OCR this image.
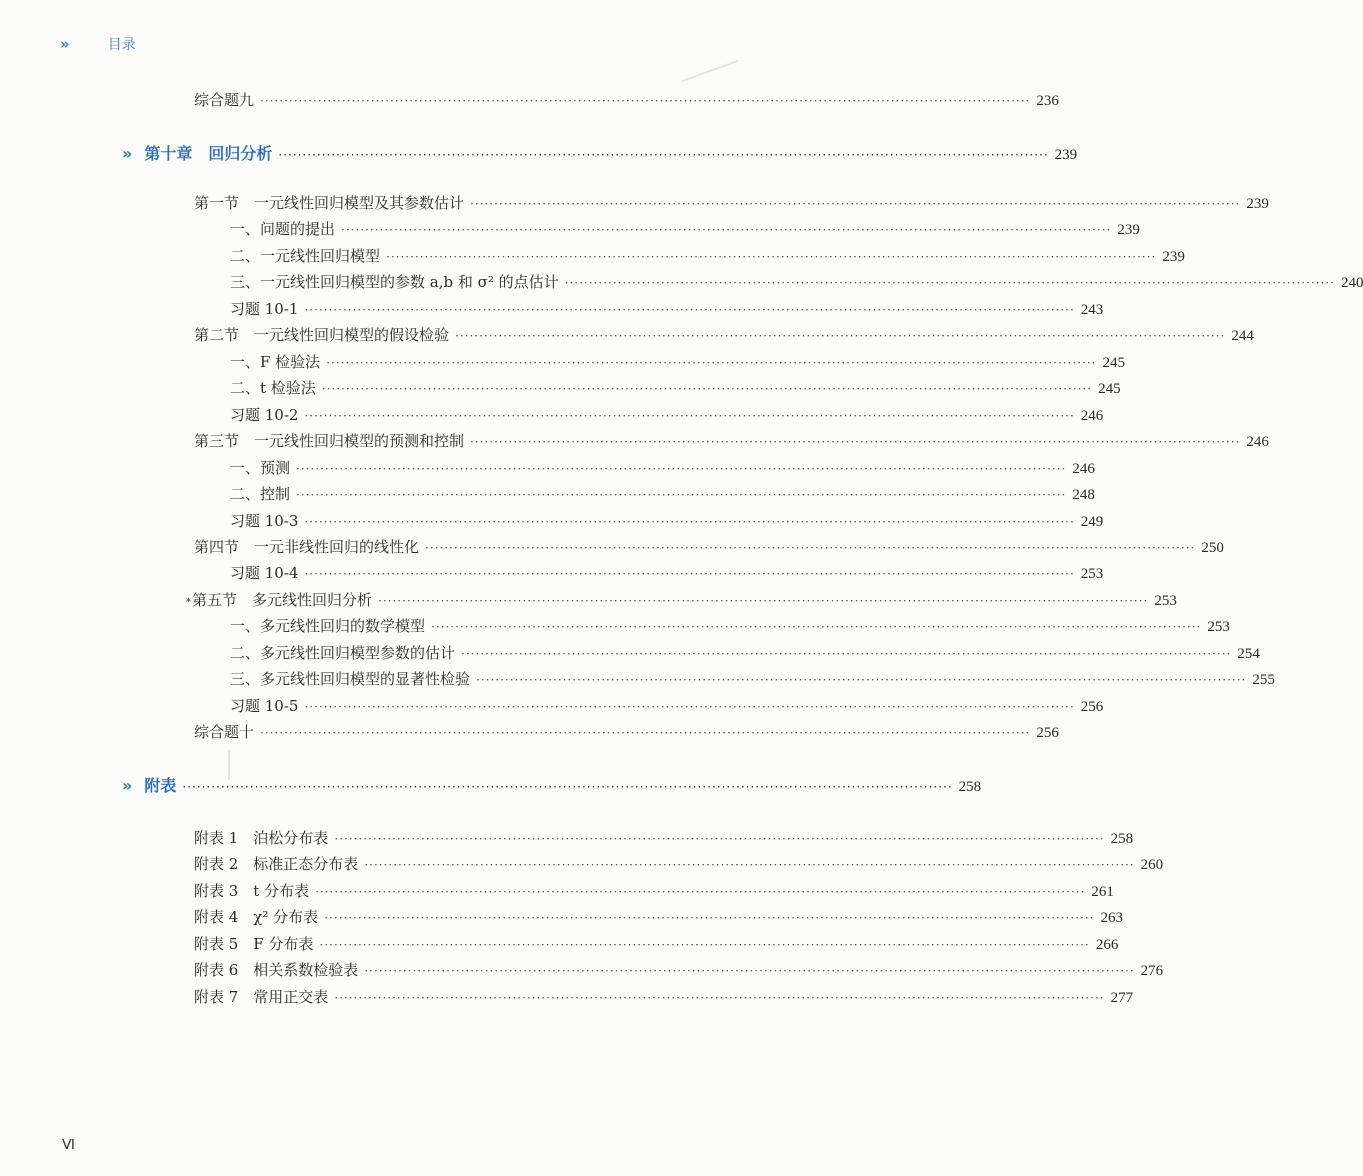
»	目录
综合题九 ································································································································································ 236
» 第十章　回归分析 ································································································································································ 239
第一节　一元线性回归模型及其参数估计 ································································································································································ 239
一、问题的提出 ································································································································································ 239
二、一元线性回归模型 ································································································································································ 239
三、一元线性回归模型的参数 a,b 和 σ² 的点估计 ································································································································································ 240
习题 10-1 ································································································································································ 243
第二节　一元线性回归模型的假设检验 ································································································································································ 244
一、F 检验法 ································································································································································ 245
二、t 检验法 ································································································································································ 245
习题 10-2 ································································································································································ 246
第三节　一元线性回归模型的预测和控制 ································································································································································ 246
一、预测 ································································································································································ 246
二、控制 ································································································································································ 248
习题 10-3 ································································································································································ 249
第四节　一元非线性回归的线性化 ································································································································································ 250
习题 10-4 ································································································································································ 253
* 第五节　多元线性回归分析 ································································································································································ 253
一、多元线性回归的数学模型 ································································································································································ 253
二、多元线性回归模型参数的估计 ································································································································································ 254
三、多元线性回归模型的显著性检验 ································································································································································ 255
习题 10-5 ································································································································································ 256
综合题十 ································································································································································ 256
» 附表 ································································································································································ 258
附表 1　泊松分布表 ································································································································································ 258
附表 2　标准正态分布表 ································································································································································ 260
附表 3　t 分布表 ································································································································································ 261
附表 4　χ² 分布表 ································································································································································ 263
附表 5　F 分布表 ································································································································································ 266
附表 6　相关系数检验表 ································································································································································ 276
附表 7　常用正交表 ································································································································································ 277
Ⅵ
